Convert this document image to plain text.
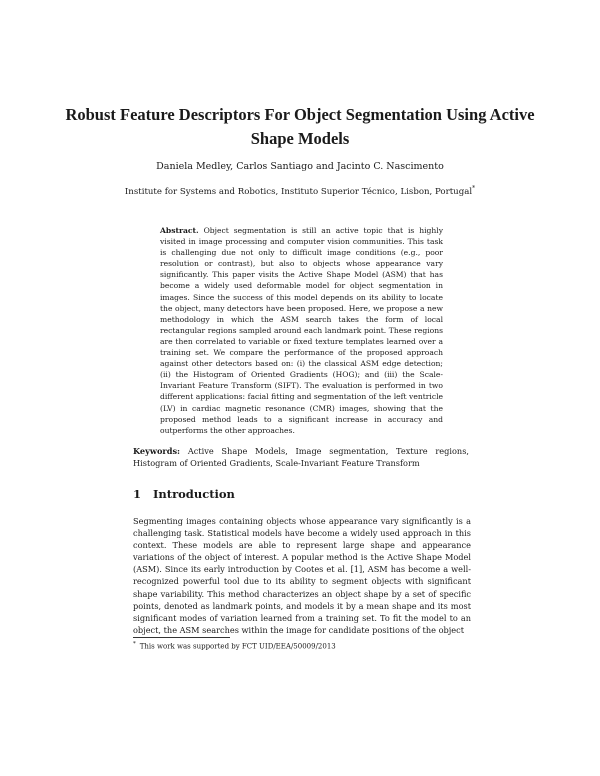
Robust Feature Descriptors For Object Segmentation Using Active Shape Models
Daniela Medley, Carlos Santiago and Jacinto C. Nascimento
Institute for Systems and Robotics, Instituto Superior Técnico, Lisbon, Portugal*
Abstract. Object segmentation is still an active topic that is highly visited in image processing and computer vision communities. This task is challenging due not only to difficult image conditions (e.g., poor resolution or contrast), but also to objects whose appearance vary significantly. This paper visits the Active Shape Model (ASM) that has become a widely used deformable model for object segmentation in images. Since the success of this model depends on its ability to locate the object, many detectors have been proposed. Here, we propose a new methodology in which the ASM search takes the form of local rectangular regions sampled around each landmark point. These regions are then correlated to variable or fixed texture templates learned over a training set. We compare the performance of the proposed approach against other detectors based on: (i) the classical ASM edge detection; (ii) the Histogram of Oriented Gradients (HOG); and (iii) the Scale-Invariant Feature Transform (SIFT). The evaluation is performed in two different applications: facial fitting and segmentation of the left ventricle (LV) in cardiac magnetic resonance (CMR) images, showing that the proposed method leads to a significant increase in accuracy and outperforms the other approaches.
Keywords: Active Shape Models, Image segmentation, Texture regions, Histogram of Oriented Gradients, Scale-Invariant Feature Transform
1 Introduction
Segmenting images containing objects whose appearance vary significantly is a challenging task. Statistical models have become a widely used approach in this context. These models are able to represent large shape and appearance variations of the object of interest. A popular method is the Active Shape Model (ASM). Since its early introduction by Cootes et al. [1], ASM has become a well-recognized powerful tool due to its ability to segment objects with significant shape variability. This method characterizes an object shape by a set of specific points, denoted as landmark points, and models it by a mean shape and its most significant modes of variation learned from a training set. To fit the model to an object, the ASM searches within the image for candidate positions of the object
* This work was supported by FCT UID/EEA/50009/2013
